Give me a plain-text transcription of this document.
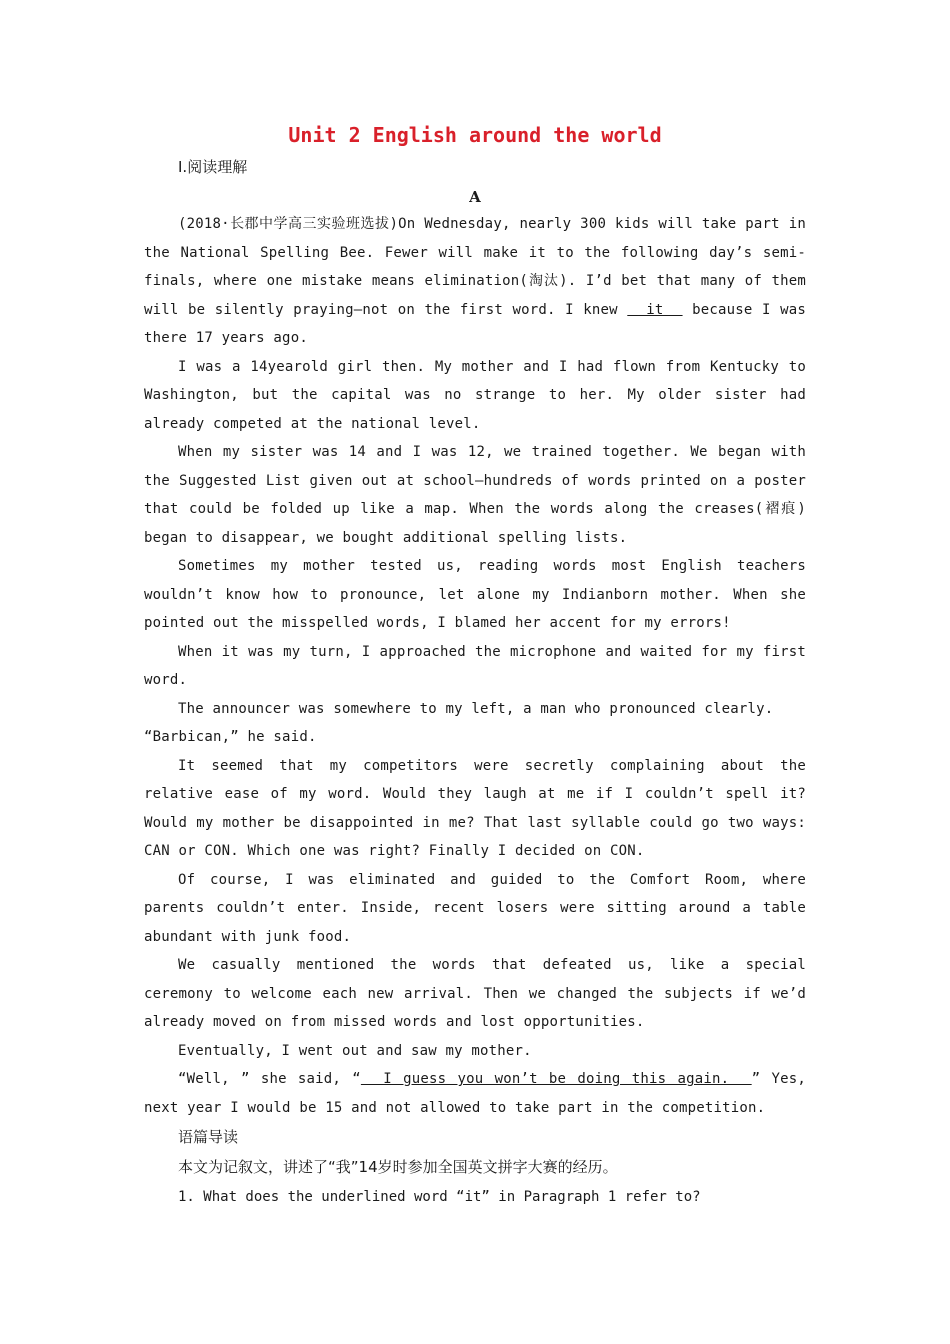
Unit 2 English around the world
Ⅰ.阅读理解
A

(2018·长郡中学高三实验班选拔)On Wednesday, nearly 300 kids will take part in the National Spelling Bee. Fewer will make it to the following day’s semi-finals, where one mistake means elimination(淘汰). I’d bet that many of them will be silently praying—not on the first word. I knew   it   because I was there 17 years ago.

I was a 14yearold girl then. My mother and I had flown from Kentucky to Washington, but the capital was no strange to her. My older sister had already competed at the national level.

When my sister was 14 and I was 12, we trained together. We began with the Suggested List given out at school—hundreds of words printed on a poster that could be folded up like a map. When the words along the creases(褶痕) began to disappear, we bought additional spelling lists.

Sometimes my mother tested us, reading words most English teachers wouldn’t know how to pronounce, let alone my Indianborn mother. When she pointed out the misspelled words, I blamed her accent for my errors!

When it was my turn, I approached the microphone and waited for my first word.

The announcer was somewhere to my left, a man who pronounced clearly.

“Barbican,” he said.

It seemed that my competitors were secretly complaining about the relative ease of my word. Would they laugh at me if I couldn’t spell it? Would my mother be disappointed in me? That last syllable could go two ways: CAN or CON. Which one was right? Finally I decided on CON.

Of course, I was eliminated and guided to the Comfort Room, where parents couldn’t enter. Inside, recent losers were sitting around a table abundant with junk food.

We casually mentioned the words that defeated us, like a special ceremony to welcome each new arrival. Then we changed the subjects if we’d already moved on from missed words and lost opportunities.

Eventually, I went out and saw my mother.

“Well, ” she said, “  I guess you won’t be doing this again.  ” Yes, next year I would be 15 and not allowed to take part in the competition.

语篇导读
本文为记叙文，讲述了“我”14岁时参加全国英文拼字大赛的经历。
1. What does the underlined word “it” in Paragraph 1 refer to?
